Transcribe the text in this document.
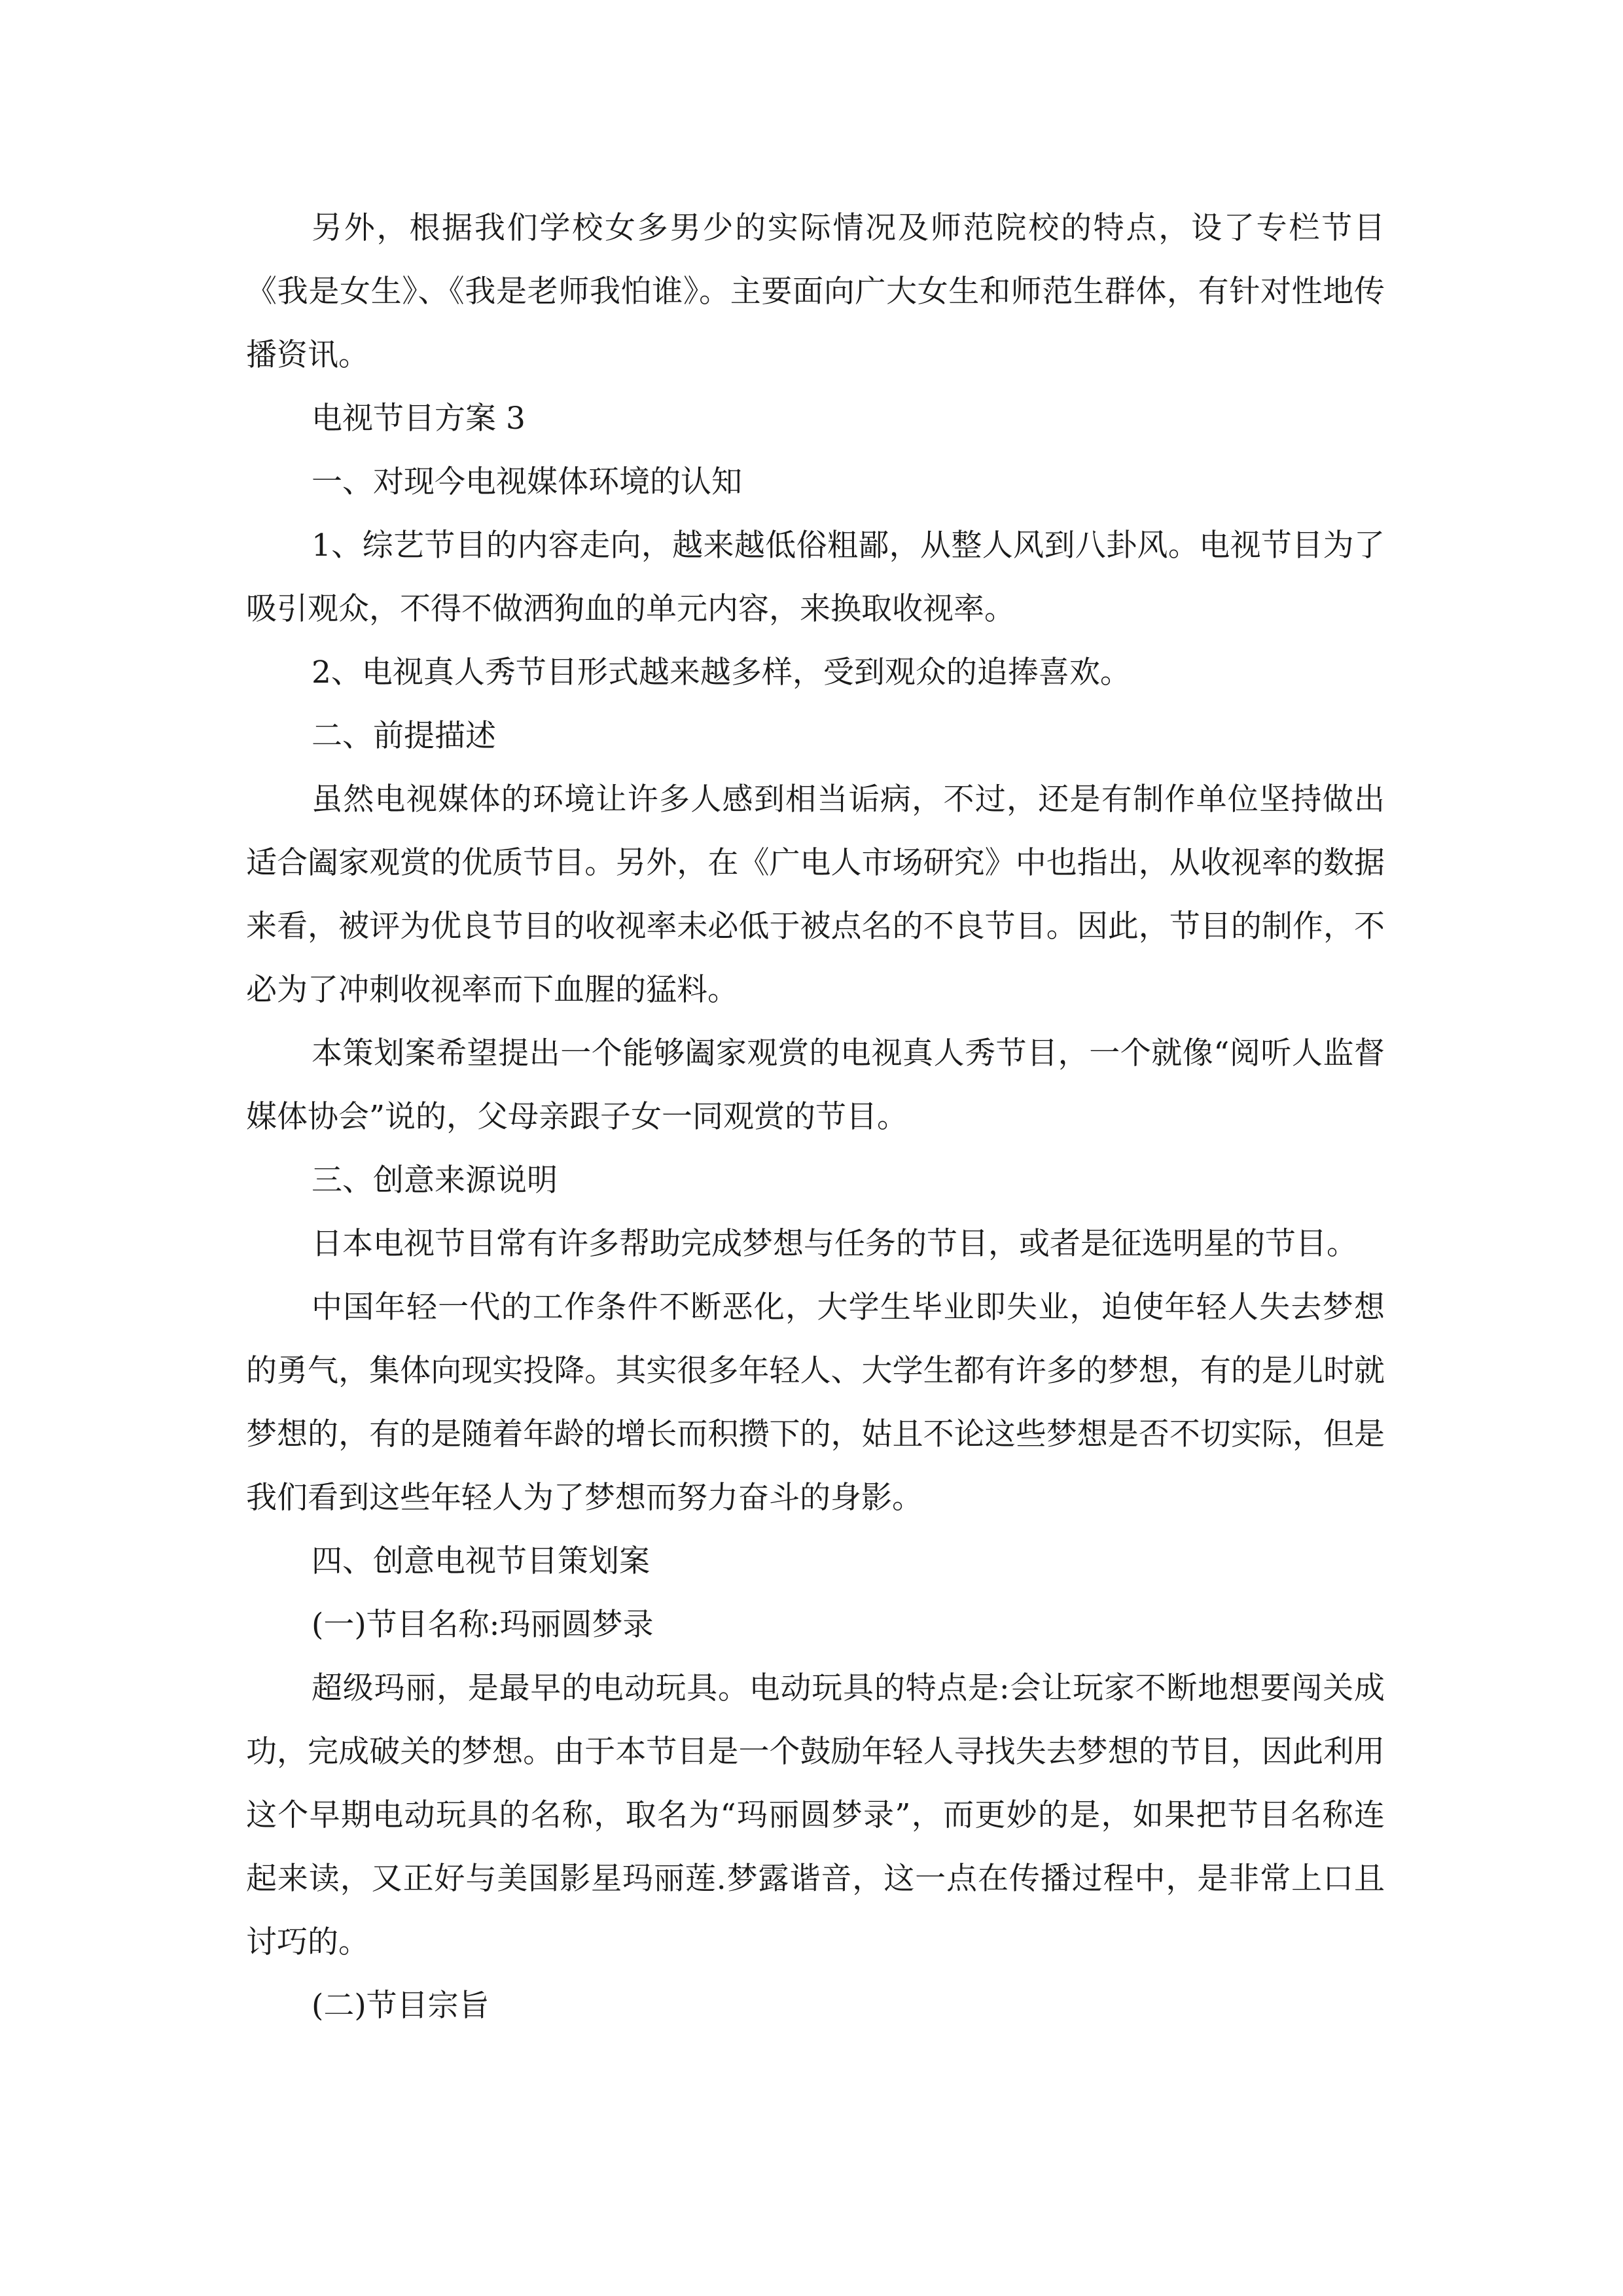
另外，根据我们学校女多男少的实际情况及师范院校的特点，设了专栏节目《我是女生》、《我是老师我怕谁》。主要面向广大女生和师范生群体，有针对性地传播资讯。

电视节目方案 3

一、对现今电视媒体环境的认知

1、综艺节目的内容走向，越来越低俗粗鄙，从整人风到八卦风。电视节目为了吸引观众，不得不做洒狗血的单元内容，来换取收视率。

2、电视真人秀节目形式越来越多样，受到观众的追捧喜欢。

二、前提描述

虽然电视媒体的环境让许多人感到相当诟病，不过，还是有制作单位坚持做出适合阖家观赏的优质节目。另外，在《广电人市场研究》中也指出，从收视率的数据来看，被评为优良节目的收视率未必低于被点名的不良节目。因此，节目的制作，不必为了冲刺收视率而下血腥的猛料。

本策划案希望提出一个能够阖家观赏的电视真人秀节目，一个就像“阅听人监督媒体协会”说的，父母亲跟子女一同观赏的节目。

三、创意来源说明

日本电视节目常有许多帮助完成梦想与任务的节目，或者是征选明星的节目。

中国年轻一代的工作条件不断恶化，大学生毕业即失业，迫使年轻人失去梦想的勇气，集体向现实投降。其实很多年轻人、大学生都有许多的梦想，有的是儿时就梦想的，有的是随着年龄的增长而积攒下的，姑且不论这些梦想是否不切实际，但是我们看到这些年轻人为了梦想而努力奋斗的身影。

四、创意电视节目策划案

(一)节目名称:玛丽圆梦录

超级玛丽，是最早的电动玩具。电动玩具的特点是:会让玩家不断地想要闯关成功，完成破关的梦想。由于本节目是一个鼓励年轻人寻找失去梦想的节目，因此利用这个早期电动玩具的名称，取名为“玛丽圆梦录”，而更妙的是，如果把节目名称连起来读，又正好与美国影星玛丽莲.梦露谐音，这一点在传播过程中，是非常上口且讨巧的。

(二)节目宗旨
